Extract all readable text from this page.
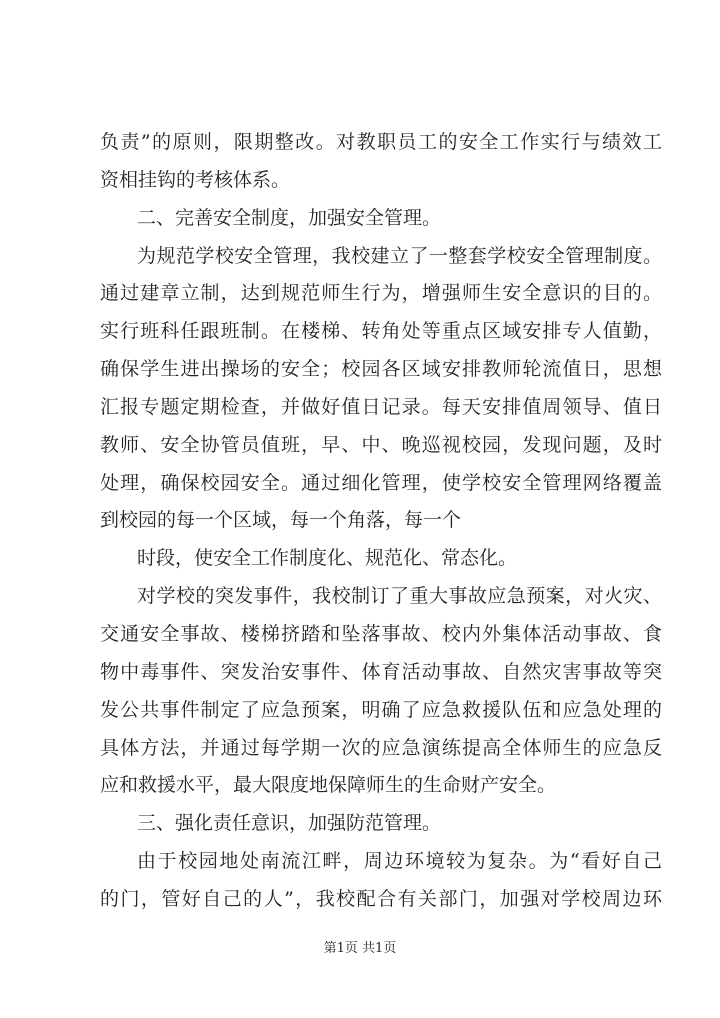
负责”的原则，限期整改。对教职员工的安全工作实行与绩效工
资相挂钩的考核体系。
二、完善安全制度，加强安全管理。
为规范学校安全管理，我校建立了一整套学校安全管理制度。
通过建章立制，达到规范师生行为，增强师生安全意识的目的。
实行班科任跟班制。在楼梯、转角处等重点区域安排专人值勤，
确保学生进出操场的安全；校园各区域安排教师轮流值日，思想
汇报专题定期检查，并做好值日记录。每天安排值周领导、值日
教师、安全协管员值班，早、中、晚巡视校园，发现问题，及时
处理，确保校园安全。通过细化管理，使学校安全管理网络覆盖
到校园的每一个区域，每一个角落，每一个
时段，使安全工作制度化、规范化、常态化。
对学校的突发事件，我校制订了重大事故应急预案，对火灾、
交通安全事故、楼梯挤踏和坠落事故、校内外集体活动事故、食
物中毒事件、突发治安事件、体育活动事故、自然灾害事故等突
发公共事件制定了应急预案，明确了应急救援队伍和应急处理的
具体方法，并通过每学期一次的应急演练提高全体师生的应急反
应和救援水平，最大限度地保障师生的生命财产安全。
三、强化责任意识，加强防范管理。
由于校园地处南流江畔，周边环境较为复杂。为“看好自己
的门，管好自己的人”，我校配合有关部门，加强对学校周边环
第1页 共1页
